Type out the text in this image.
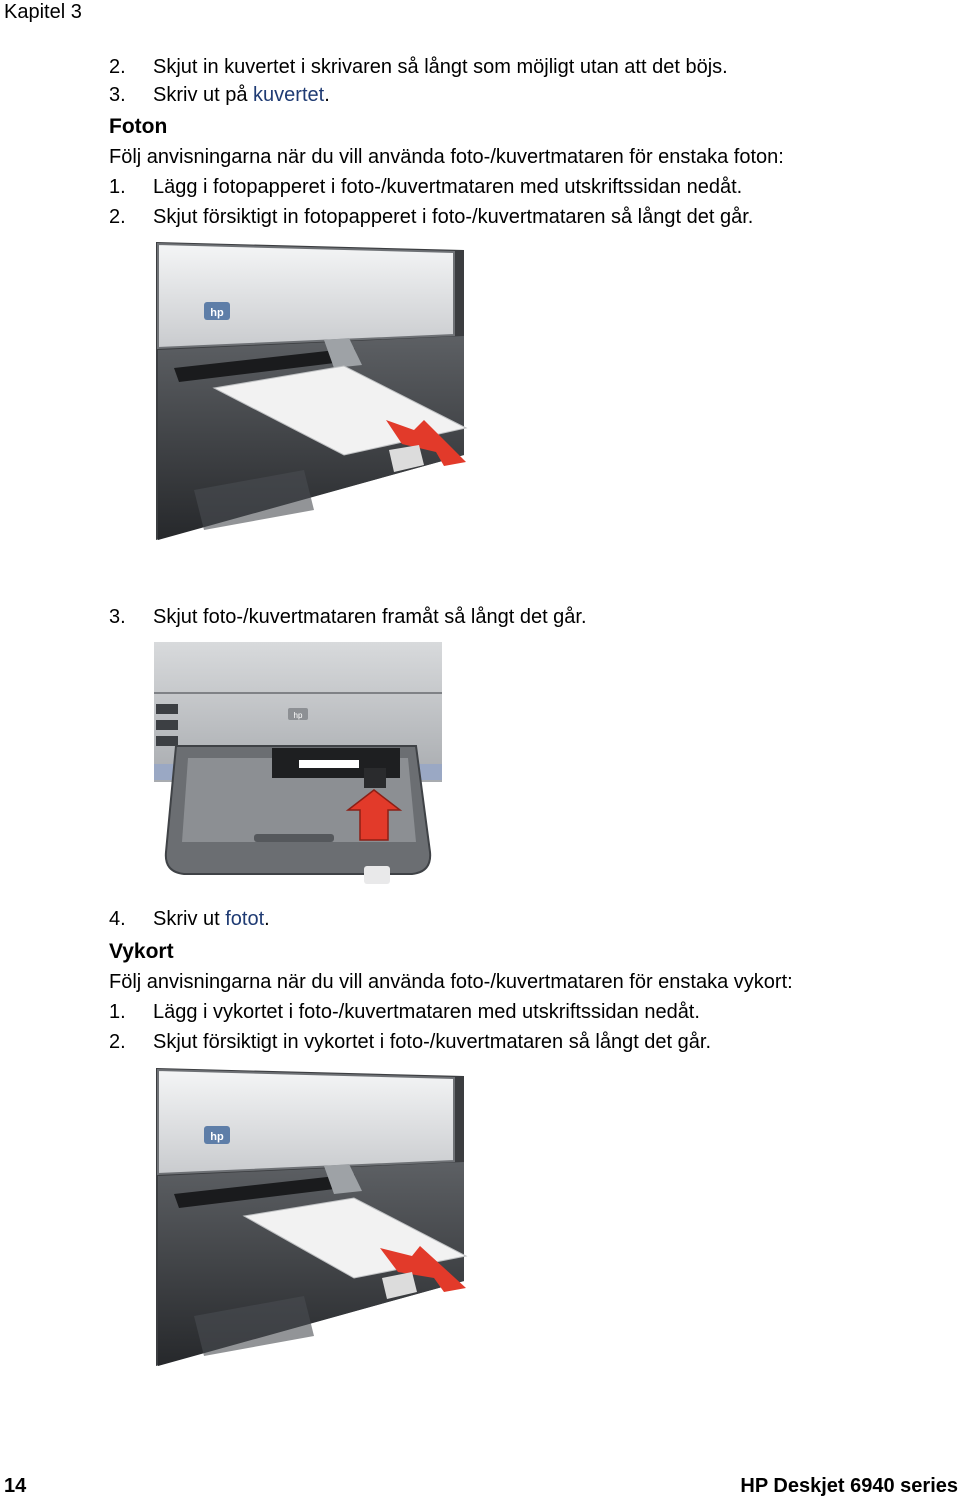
Kapitel 3
2. Skjut in kuvertet i skrivaren så långt som möjligt utan att det böjs.
3. Skriv ut på kuvertet.
Foton
Följ anvisningarna när du vill använda foto-/kuvertmataren för enstaka foton:
1. Lägg i fotopapperet i foto-/kuvertmataren med utskriftssidan nedåt.
2. Skjut försiktigt in fotopapperet i foto-/kuvertmataren så långt det går.
hp
3. Skjut foto-/kuvertmataren framåt så långt det går.
hp
4. Skriv ut fotot.
Vykort
Följ anvisningarna när du vill använda foto-/kuvertmataren för enstaka vykort:
1. Lägg i vykortet i foto-/kuvertmataren med utskriftssidan nedåt.
2. Skjut försiktigt in vykortet i foto-/kuvertmataren så långt det går.
hp
14	HP Deskjet 6940 series
